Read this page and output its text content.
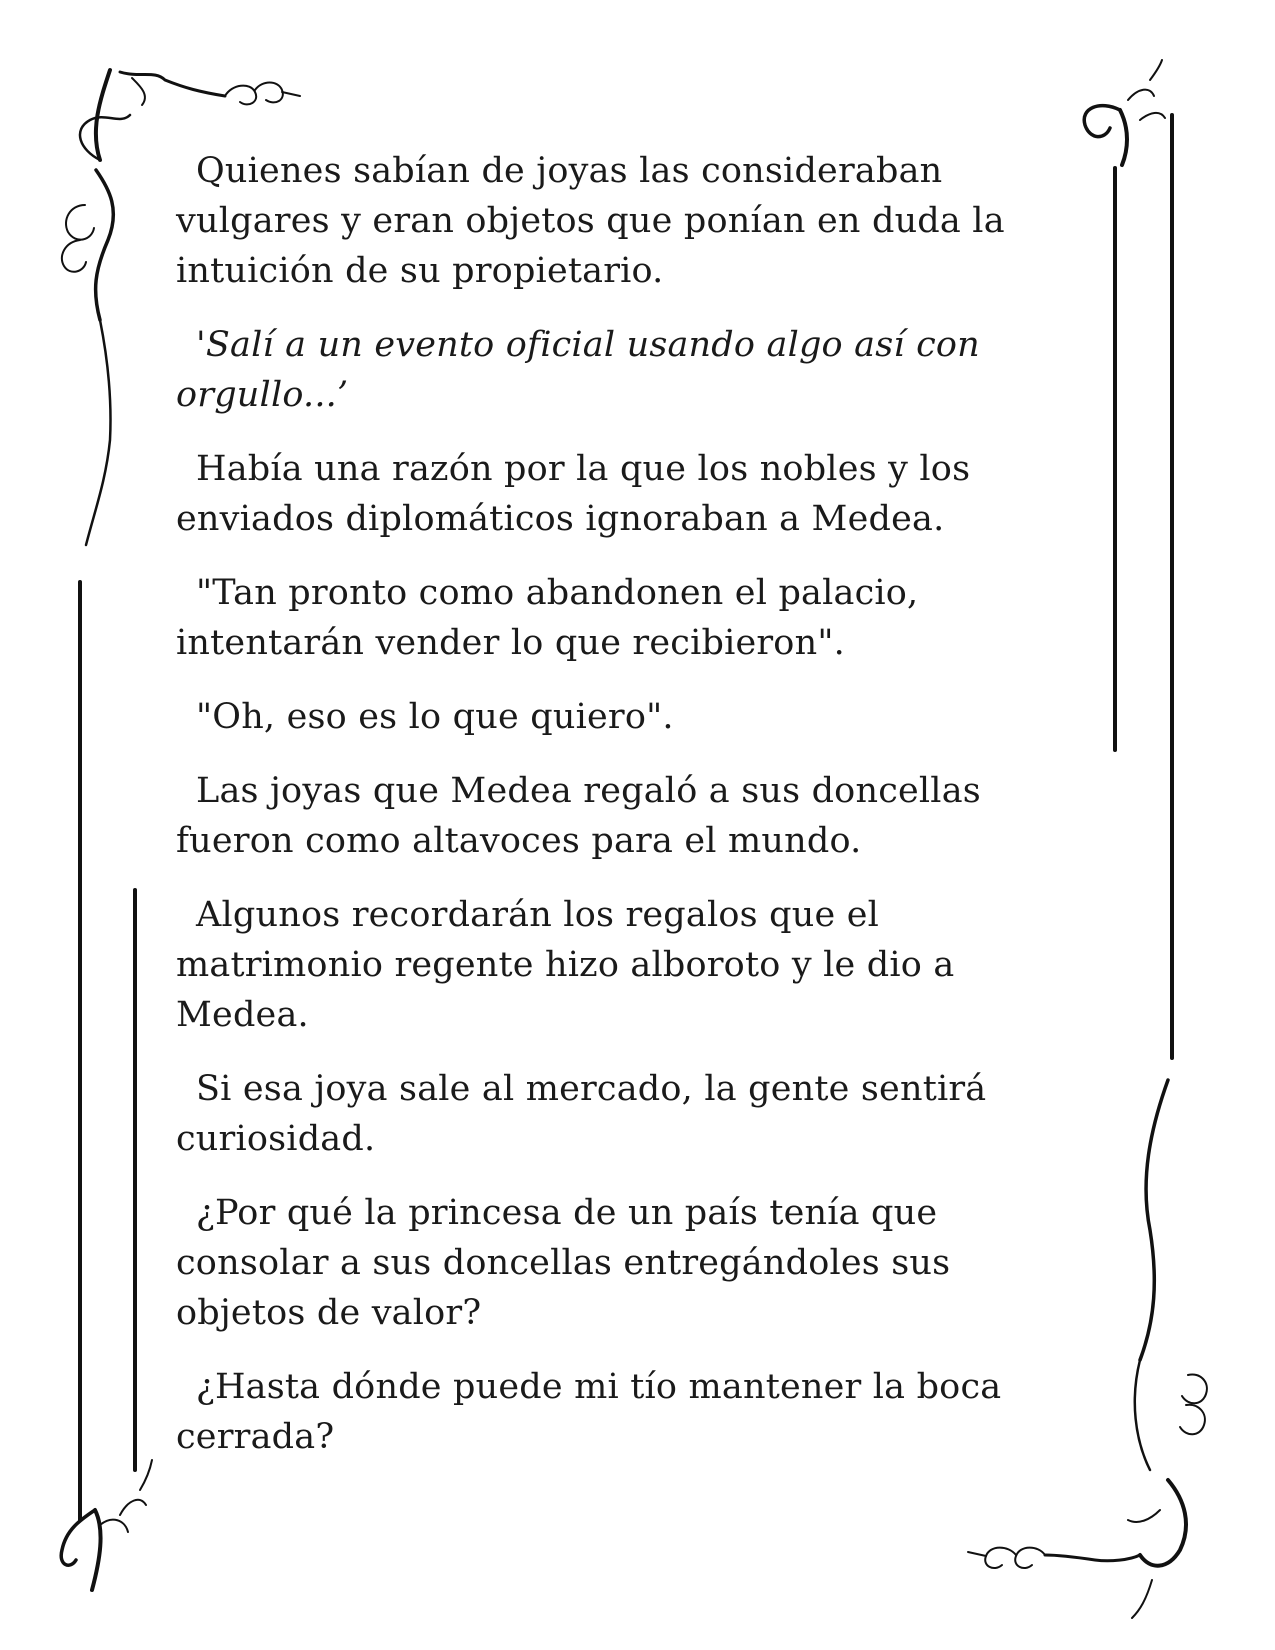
Quienes sabían de joyas las consideraban vulgares y eran objetos que ponían en duda la intuición de su propietario.

'Salí a un evento oficial usando algo así con orgullo...’

Había una razón por la que los nobles y los enviados diplomáticos ignoraban a Medea.

"Tan pronto como abandonen el palacio, intentarán vender lo que recibieron".

"Oh, eso es lo que quiero".

Las joyas que Medea regaló a sus doncellas fueron como altavoces para el mundo.

Algunos recordarán los regalos que el matrimonio regente hizo alboroto y le dio a Medea.

Si esa joya sale al mercado, la gente sentirá curiosidad.

¿Por qué la princesa de un país tenía que consolar a sus doncellas entregándoles sus objetos de valor?

¿Hasta dónde puede mi tío mantener la boca cerrada?
